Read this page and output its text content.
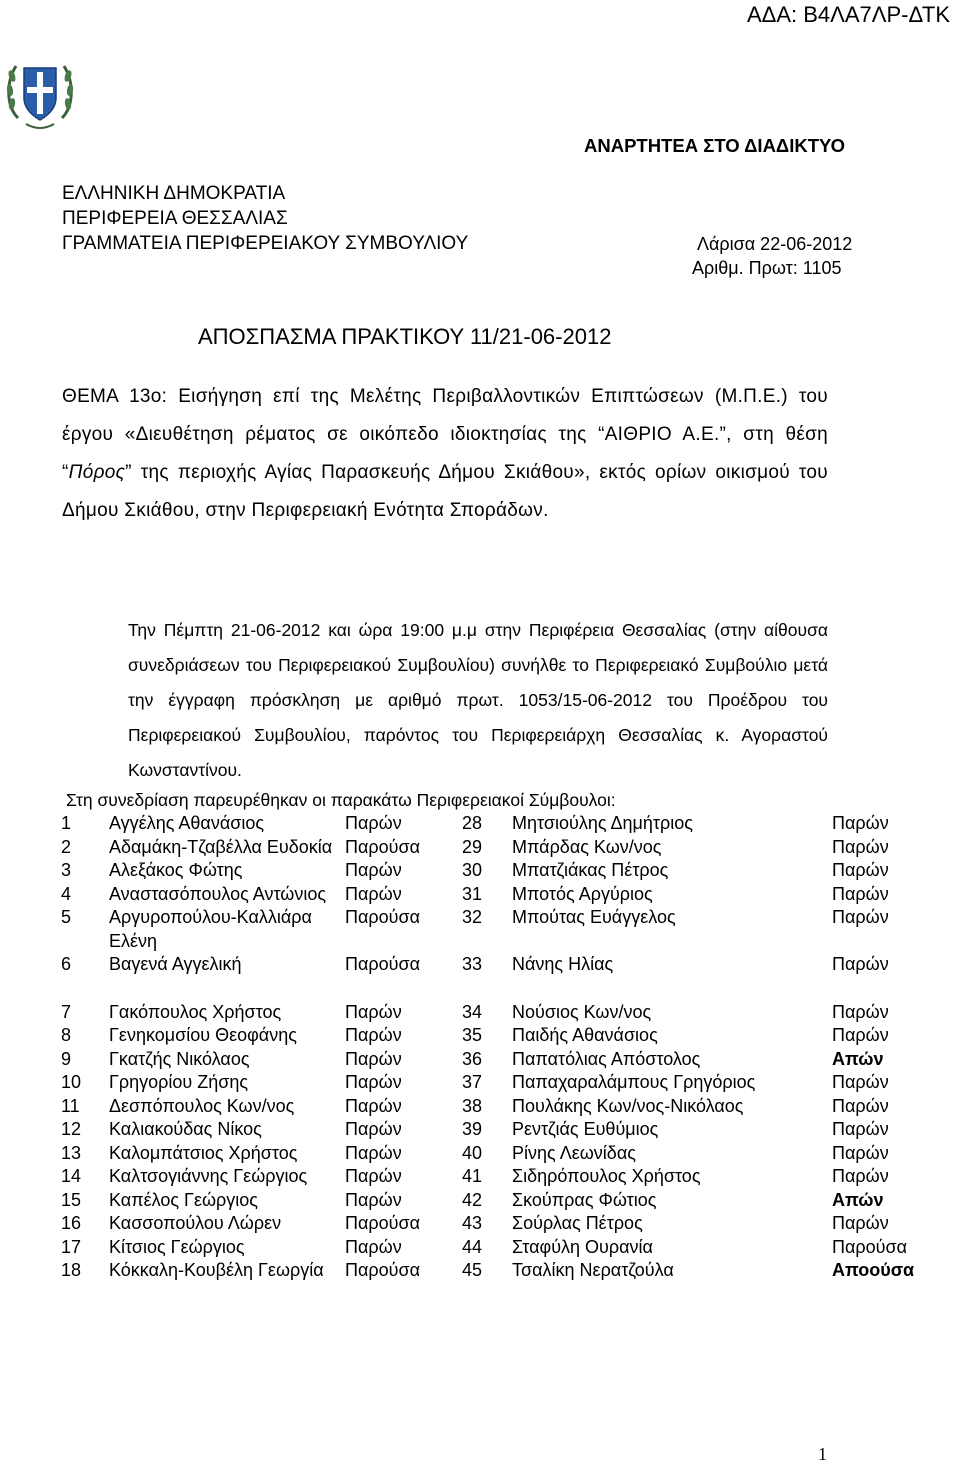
ΑΔΑ: Β4ΛΑ7ΛΡ-ΔΤΚ
ΑΝΑΡΤΗΤΕΑ ΣΤΟ ΔΙΑΔΙΚΤΥΟ
ΕΛΛΗΝΙΚΗ ΔΗΜΟΚΡΑΤΙΑ
ΠΕΡΙΦΕΡΕΙΑ ΘΕΣΣΑΛΙΑΣ
ΓΡΑΜΜΑΤΕΙΑ ΠΕΡΙΦΕΡΕΙΑΚΟΥ ΣΥΜΒΟΥΛΙΟΥ	Λάρισα 22-06-2012
Αριθμ. Πρωτ: 1105
ΑΠΟΣΠΑΣΜΑ ΠΡΑΚΤΙΚΟΥ 11/21-06-2012
ΘΕΜΑ 13ο: Εισήγηση επί της Μελέτης Περιβαλλοντικών Επιπτώσεων (Μ.Π.Ε.) του έργου «Διευθέτηση ρέματος σε οικόπεδο ιδιοκτησίας της “ΑΙΘΡΙΟ Α.Ε.”, στη θέση “Πόρος” της περιοχής Αγίας Παρασκευής Δήμου Σκιάθου», εκτός ορίων οικισμού του Δήμου Σκιάθου, στην Περιφερειακή Ενότητα Σποράδων.
Την Πέμπτη 21-06-2012 και ώρα 19:00 μ.μ στην Περιφέρεια Θεσσαλίας (στην αίθουσα συνεδριάσεων του Περιφερειακού Συμβουλίου) συνήλθε το Περιφερειακό Συμβούλιο μετά την έγγραφη πρόσκληση με αριθμό πρωτ. 1053/15-06-2012 του Προέδρου του Περιφερειακού Συμβουλίου, παρόντος του Περιφερειάρχη Θεσσαλίας κ. Αγοραστού Κωνσταντίνου.
Στη συνεδρίαση παρευρέθηκαν οι παρακάτω Περιφερειακοί Σύμβουλοι:
1	Αγγέλης Αθανάσιος	Παρών	28	Μητσιούλης Δημήτριος	Παρών
2	Αδαμάκη-Τζαβέλλα Ευδοκία	Παρούσα	29	Μπάρδας Κων/νος	Παρών
3	Αλεξάκος Φώτης	Παρών	30	Μπατζιάκας Πέτρος	Παρών
4	Αναστασόπουλος Αντώνιος	Παρών	31	Μποτός Αργύριος	Παρών
5	Αργυροπούλου-Καλλιάρα Ελένη	Παρούσα	32	Μπούτας Ευάγγελος	Παρών
6	Βαγενά Αγγελική	Παρούσα	33	Νάνης Ηλίας	Παρών

7	Γακόπουλος Χρήστος	Παρών	34	Νούσιος Κων/νος	Παρών
8	Γενηκομσίου Θεοφάνης	Παρών	35	Παιδής Αθανάσιος	Παρών
9	Γκατζής Νικόλαος	Παρών	36	Παπατόλιας Απόστολος	Απών
10	Γρηγορίου Ζήσης	Παρών	37	Παπαχαραλάμπους Γρηγόριος	Παρών
11	Δεσπόπουλος Κων/νος	Παρών	38	Πουλάκης Κων/νος-Νικόλαος	Παρών
12	Καλιακούδας Νίκος	Παρών	39	Ρεντζιάς Ευθύμιος	Παρών
13	Καλομπάτσιος Χρήστος	Παρών	40	Ρίνης Λεωνίδας	Παρών
14	Καλτσογιάννης Γεώργιος	Παρών	41	Σιδηρόπουλος Χρήστος	Παρών
15	Καπέλος Γεώργιος	Παρών	42	Σκούπρας Φώτιος	Απών
16	Κασσοπούλου Λώρεν	Παρούσα	43	Σούρλας Πέτρος	Παρών
17	Κίτσιος Γεώργιος	Παρών	44	Σταφύλη Ουρανία	Παρούσα
18	Κόκκαλη-Κουβέλη Γεωργία	Παρούσα	45	Τσαλίκη Νερατζούλα	Αποούσα
1
